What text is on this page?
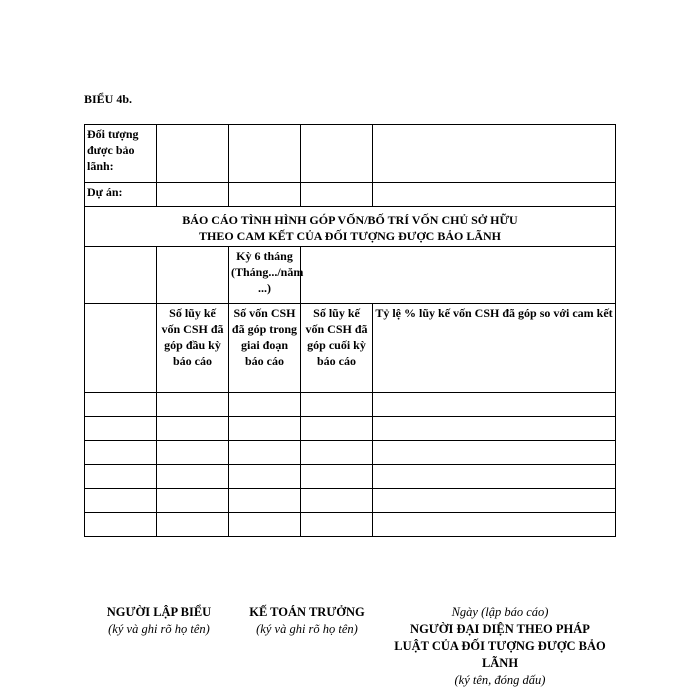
BIỂU 4b.
Đối tượng được bảo lãnh:				
Dự án:				

BÁO CÁO TÌNH HÌNH GÓP VỐN/BỐ TRÍ VỐN CHỦ SỞ HỮU
THEO CAM KẾT CỦA ĐỐI TƯỢNG ĐƯỢC BẢO LÃNH				

		Kỳ 6 tháng (Tháng.../năm ...)		
	Số lũy kế vốn CSH đã góp đầu kỳ báo cáo	Số vốn CSH đã góp trong giai đoạn báo cáo	Số lũy kế vốn CSH đã góp cuối kỳ báo cáo	Tỷ lệ % lũy kế vốn CSH đã góp so với cam kết

NGƯỜI LẬP BIỂU
(ký và ghi rõ họ tên)
KẾ TOÁN TRƯỞNG
(ký và ghi rõ họ tên)
Ngày (lập báo cáo)
NGƯỜI ĐẠI DIỆN THEO PHÁP LUẬT CỦA ĐỐI TƯỢNG ĐƯỢC BẢO LÃNH
(ký tên, đóng dấu)
